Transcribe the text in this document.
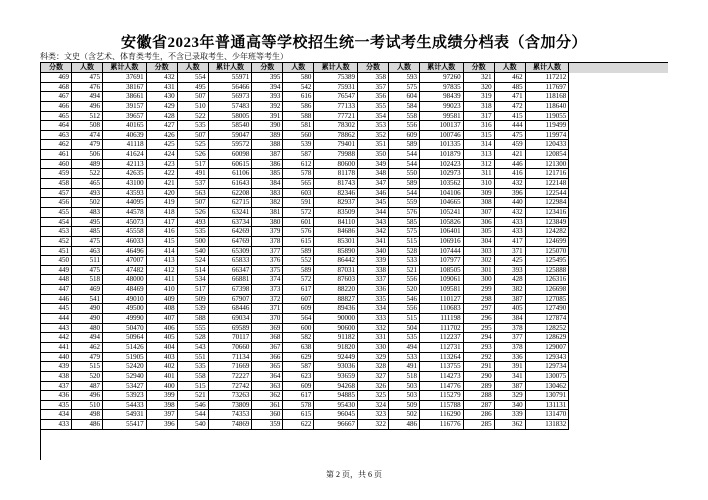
安徽省2023年普通高等学校招生统一考试考生成绩分档表（含加分）
科类：文史（含艺术、体育类考生，不含已录取考生、少年班等考生）
分数	人数	累计人数	分数	人数	累计人数	分数	人数	累计人数	分数	人数	累计人数	分数	人数	累计人数
469	475	37691	432	554	55971	395	580	75389	358	593	97260	321	462	117212
468	476	38167	431	495	56466	394	542	75931	357	575	97835	320	485	117697
467	494	38661	430	507	56973	393	616	76547	356	604	98439	319	471	118168
466	496	39157	429	510	57483	392	586	77133	355	584	99023	318	472	118640
465	512	39657	428	522	58005	391	588	77721	354	558	99581	317	415	119055
464	508	40165	427	535	58540	390	581	78302	353	556	100137	316	444	119499
463	474	40639	426	507	59047	389	560	78862	352	609	100746	315	475	119974
462	479	41118	425	525	59572	388	539	79401	351	589	101335	314	459	120433
461	506	41624	424	526	60098	387	587	79988	350	544	101879	313	421	120854
460	489	42113	423	517	60615	386	612	80600	349	544	102423	312	446	121300
459	522	42635	422	491	61106	385	578	81178	348	550	102973	311	416	121716
458	465	43100	421	537	61643	384	565	81743	347	589	103562	310	432	122148
457	493	43593	420	563	62208	383	603	82346	346	544	104106	309	396	122544
456	502	44095	419	507	62715	382	591	82937	345	559	104665	308	440	122984
455	483	44578	418	526	63241	381	572	83509	344	576	105241	307	432	123416
454	495	45073	417	493	63734	380	601	84110	343	585	105826	306	433	123849
453	485	45558	416	535	64269	379	576	84686	342	575	106401	305	433	124282
452	475	46033	415	500	64769	378	615	85301	341	515	106916	304	417	124699
451	463	46496	414	540	65309	377	589	85890	340	528	107444	303	371	125070
450	511	47007	413	524	65833	376	552	86442	339	533	107977	302	425	125495
449	475	47482	412	514	66347	375	589	87031	338	521	108505	301	393	125888
448	518	48000	411	534	66881	374	572	87603	337	556	109061	300	428	126316
447	469	48469	410	517	67398	373	617	88220	336	520	109581	299	382	126698
446	541	49010	409	509	67907	372	607	88827	335	546	110127	298	387	127085
445	490	49500	408	539	68446	371	609	89436	334	556	110683	297	405	127490
444	490	49990	407	588	69034	370	564	90000	333	515	111198	296	384	127874
443	480	50470	406	555	69589	369	600	90600	332	504	111702	295	378	128252
442	494	50964	405	528	70117	368	582	91182	331	535	112237	294	377	128629
441	462	51426	404	543	70660	367	638	91820	330	494	112731	293	378	129007
440	479	51905	403	551	71134	366	629	92449	329	533	113264	292	336	129343
439	515	52420	402	535	71669	365	587	93036	328	491	113755	291	391	129734
438	520	52940	401	558	72227	364	623	93659	327	518	114273	290	341	130075
437	487	53427	400	515	72742	363	609	94268	326	503	114776	289	387	130462
436	496	53923	399	521	73263	362	617	94885	325	503	115279	288	329	130791
435	510	54433	398	546	73809	361	578	95430	324	509	115788	287	340	131131
434	498	54931	397	544	74353	360	615	96045	323	502	116290	286	339	131470
433	486	55417	396	540	74869	359	622	96667	322	486	116776	285	362	131832
第 2 页，共 6 页
